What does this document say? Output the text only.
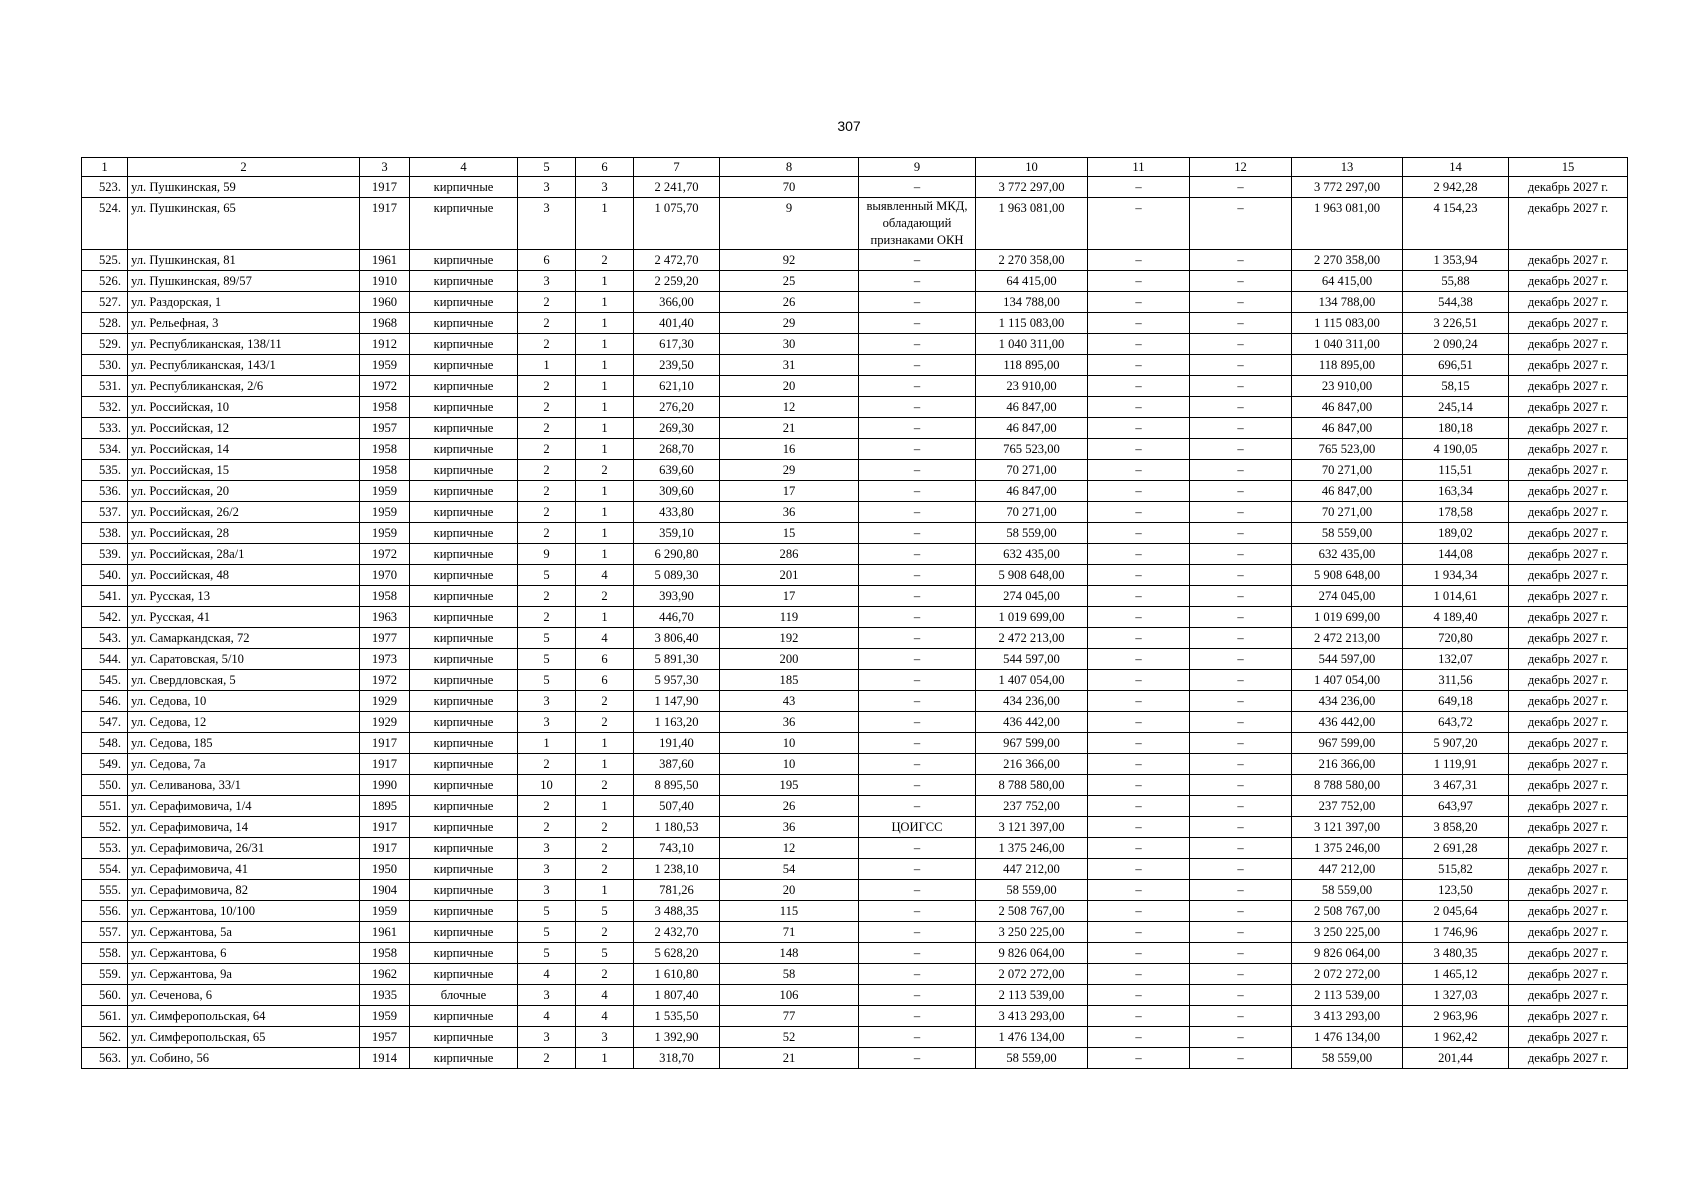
307
1	2	3	4	5	6	7	8	9	10	11	12	13	14	15
523.	ул. Пушкинская, 59	1917	кирпичные	3	3	2 241,70	70	–	3 772 297,00	–	–	3 772 297,00	2 942,28	декабрь 2027 г.
524.	ул. Пушкинская, 65	1917	кирпичные	3	1	1 075,70	9	выявленный МКД, обладающий признаками ОКН	1 963 081,00	–	–	1 963 081,00	4 154,23	декабрь 2027 г.
525.	ул. Пушкинская, 81	1961	кирпичные	6	2	2 472,70	92	–	2 270 358,00	–	–	2 270 358,00	1 353,94	декабрь 2027 г.
526.	ул. Пушкинская, 89/57	1910	кирпичные	3	1	2 259,20	25	–	64 415,00	–	–	64 415,00	55,88	декабрь 2027 г.
527.	ул. Раздорская, 1	1960	кирпичные	2	1	366,00	26	–	134 788,00	–	–	134 788,00	544,38	декабрь 2027 г.
528.	ул. Рельефная, 3	1968	кирпичные	2	1	401,40	29	–	1 115 083,00	–	–	1 115 083,00	3 226,51	декабрь 2027 г.
529.	ул. Республиканская, 138/11	1912	кирпичные	2	1	617,30	30	–	1 040 311,00	–	–	1 040 311,00	2 090,24	декабрь 2027 г.
530.	ул. Республиканская, 143/1	1959	кирпичные	1	1	239,50	31	–	118 895,00	–	–	118 895,00	696,51	декабрь 2027 г.
531.	ул. Республиканская, 2/6	1972	кирпичные	2	1	621,10	20	–	23 910,00	–	–	23 910,00	58,15	декабрь 2027 г.
532.	ул. Российская, 10	1958	кирпичные	2	1	276,20	12	–	46 847,00	–	–	46 847,00	245,14	декабрь 2027 г.
533.	ул. Российская, 12	1957	кирпичные	2	1	269,30	21	–	46 847,00	–	–	46 847,00	180,18	декабрь 2027 г.
534.	ул. Российская, 14	1958	кирпичные	2	1	268,70	16	–	765 523,00	–	–	765 523,00	4 190,05	декабрь 2027 г.
535.	ул. Российская, 15	1958	кирпичные	2	2	639,60	29	–	70 271,00	–	–	70 271,00	115,51	декабрь 2027 г.
536.	ул. Российская, 20	1959	кирпичные	2	1	309,60	17	–	46 847,00	–	–	46 847,00	163,34	декабрь 2027 г.
537.	ул. Российская, 26/2	1959	кирпичные	2	1	433,80	36	–	70 271,00	–	–	70 271,00	178,58	декабрь 2027 г.
538.	ул. Российская, 28	1959	кирпичные	2	1	359,10	15	–	58 559,00	–	–	58 559,00	189,02	декабрь 2027 г.
539.	ул. Российская, 28а/1	1972	кирпичные	9	1	6 290,80	286	–	632 435,00	–	–	632 435,00	144,08	декабрь 2027 г.
540.	ул. Российская, 48	1970	кирпичные	5	4	5 089,30	201	–	5 908 648,00	–	–	5 908 648,00	1 934,34	декабрь 2027 г.
541.	ул. Русская, 13	1958	кирпичные	2	2	393,90	17	–	274 045,00	–	–	274 045,00	1 014,61	декабрь 2027 г.
542.	ул. Русская, 41	1963	кирпичные	2	1	446,70	119	–	1 019 699,00	–	–	1 019 699,00	4 189,40	декабрь 2027 г.
543.	ул. Самаркандская, 72	1977	кирпичные	5	4	3 806,40	192	–	2 472 213,00	–	–	2 472 213,00	720,80	декабрь 2027 г.
544.	ул. Саратовская, 5/10	1973	кирпичные	5	6	5 891,30	200	–	544 597,00	–	–	544 597,00	132,07	декабрь 2027 г.
545.	ул. Свердловская, 5	1972	кирпичные	5	6	5 957,30	185	–	1 407 054,00	–	–	1 407 054,00	311,56	декабрь 2027 г.
546.	ул. Седова, 10	1929	кирпичные	3	2	1 147,90	43	–	434 236,00	–	–	434 236,00	649,18	декабрь 2027 г.
547.	ул. Седова, 12	1929	кирпичные	3	2	1 163,20	36	–	436 442,00	–	–	436 442,00	643,72	декабрь 2027 г.
548.	ул. Седова, 185	1917	кирпичные	1	1	191,40	10	–	967 599,00	–	–	967 599,00	5 907,20	декабрь 2027 г.
549.	ул. Седова, 7а	1917	кирпичные	2	1	387,60	10	–	216 366,00	–	–	216 366,00	1 119,91	декабрь 2027 г.
550.	ул. Селиванова, 33/1	1990	кирпичные	10	2	8 895,50	195	–	8 788 580,00	–	–	8 788 580,00	3 467,31	декабрь 2027 г.
551.	ул. Серафимовича, 1/4	1895	кирпичные	2	1	507,40	26	–	237 752,00	–	–	237 752,00	643,97	декабрь 2027 г.
552.	ул. Серафимовича, 14	1917	кирпичные	2	2	1 180,53	36	ЦОИГСС	3 121 397,00	–	–	3 121 397,00	3 858,20	декабрь 2027 г.
553.	ул. Серафимовича, 26/31	1917	кирпичные	3	2	743,10	12	–	1 375 246,00	–	–	1 375 246,00	2 691,28	декабрь 2027 г.
554.	ул. Серафимовича, 41	1950	кирпичные	3	2	1 238,10	54	–	447 212,00	–	–	447 212,00	515,82	декабрь 2027 г.
555.	ул. Серафимовича, 82	1904	кирпичные	3	1	781,26	20	–	58 559,00	–	–	58 559,00	123,50	декабрь 2027 г.
556.	ул. Сержантова, 10/100	1959	кирпичные	5	5	3 488,35	115	–	2 508 767,00	–	–	2 508 767,00	2 045,64	декабрь 2027 г.
557.	ул. Сержантова, 5а	1961	кирпичные	5	2	2 432,70	71	–	3 250 225,00	–	–	3 250 225,00	1 746,96	декабрь 2027 г.
558.	ул. Сержантова, 6	1958	кирпичные	5	5	5 628,20	148	–	9 826 064,00	–	–	9 826 064,00	3 480,35	декабрь 2027 г.
559.	ул. Сержантова, 9а	1962	кирпичные	4	2	1 610,80	58	–	2 072 272,00	–	–	2 072 272,00	1 465,12	декабрь 2027 г.
560.	ул. Сеченова, 6	1935	блочные	3	4	1 807,40	106	–	2 113 539,00	–	–	2 113 539,00	1 327,03	декабрь 2027 г.
561.	ул. Симферопольская, 64	1959	кирпичные	4	4	1 535,50	77	–	3 413 293,00	–	–	3 413 293,00	2 963,96	декабрь 2027 г.
562.	ул. Симферопольская, 65	1957	кирпичные	3	3	1 392,90	52	–	1 476 134,00	–	–	1 476 134,00	1 962,42	декабрь 2027 г.
563.	ул. Собино, 56	1914	кирпичные	2	1	318,70	21	–	58 559,00	–	–	58 559,00	201,44	декабрь 2027 г.
